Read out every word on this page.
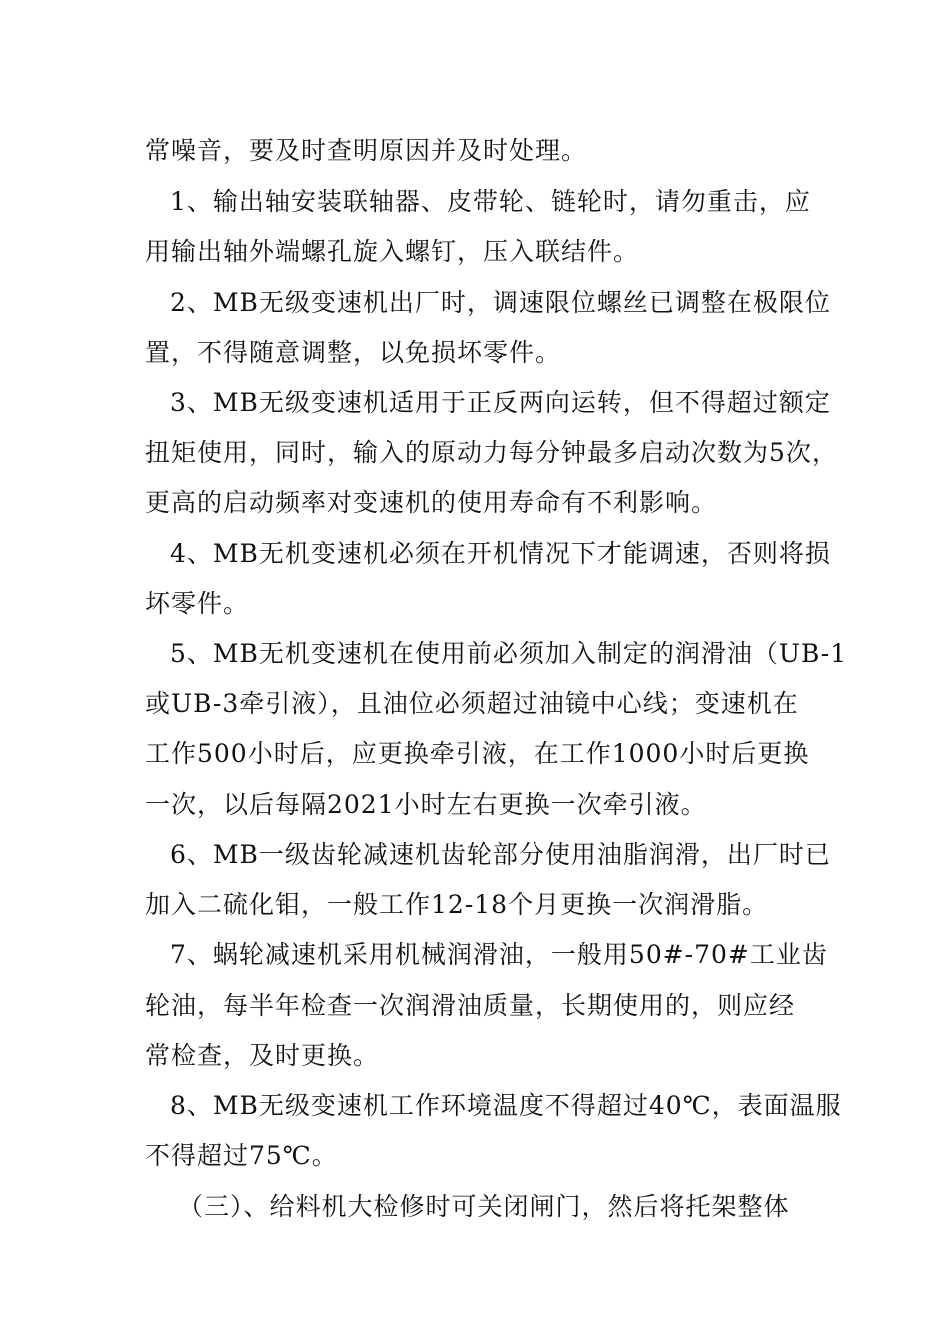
常噪音，要及时查明原因并及时处理。
1、输出轴安装联轴器、皮带轮、链轮时，请勿重击，应
用输出轴外端螺孔旋入螺钉，压入联结件。
2、MB无级变速机出厂时，调速限位螺丝已调整在极限位
置，不得随意调整，以免损坏零件。
3、MB无级变速机适用于正反两向运转，但不得超过额定
扭矩使用，同时，输入的原动力每分钟最多启动次数为5次，
更高的启动频率对变速机的使用寿命有不利影响。
4、MB无机变速机必须在开机情况下才能调速，否则将损
坏零件。
5、MB无机变速机在使用前必须加入制定的润滑油（UB-1
或UB-3牵引液），且油位必须超过油镜中心线；变速机在
工作500小时后，应更换牵引液，在工作1000小时后更换
一次，以后每隔2021小时左右更换一次牵引液。
6、MB一级齿轮减速机齿轮部分使用油脂润滑，出厂时已
加入二硫化钼，一般工作12-18个月更换一次润滑脂。
7、蜗轮减速机采用机械润滑油，一般用50#-70#工业齿
轮油，每半年检查一次润滑油质量，长期使用的，则应经
常检查，及时更换。
8、MB无级变速机工作环境温度不得超过40℃，表面温服
不得超过75℃。
（三）、给料机大检修时可关闭闸门，然后将托架整体
